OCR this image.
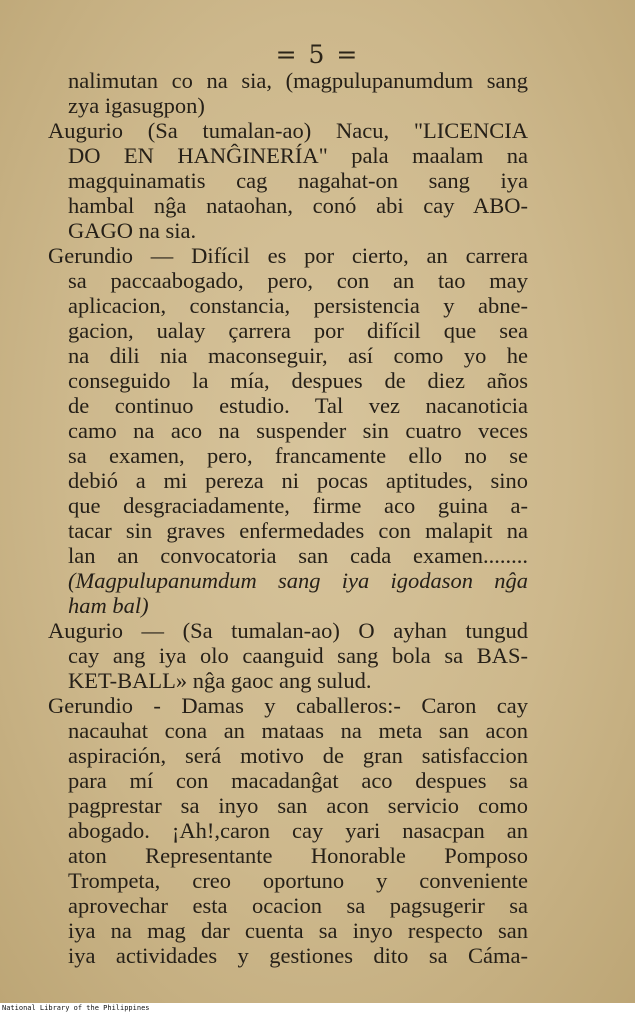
= 5 =
nalimutan co na sia, (magpulupanumdum sang
zya igasugpon)
Augurio (Sa tumalan-ao) Nacu, "LICENCIA
DO EN HANĜINERÍA" pala maalam na
magquinamatis cag nagahat-on sang iya
hambal nĝa nataohan, conó abi cay ABO-
GAGO na sia.
Gerundio — Difícil es por cierto, an carrera
sa paccaabogado, pero, con an tao may
aplicacion, constancia, persistencia y abne-
gacion, ualay çarrera por difícil que sea
na dili nia maconseguir, así como yo he
conseguido la mía, despues de diez años
de continuo estudio. Tal vez nacanoticia
camo na aco na suspender sin cuatro veces
sa examen, pero, francamente ello no se
debió a mi pereza ni pocas aptitudes, sino
que desgraciadamente, firme aco guina a-
tacar sin graves enfermedades con malapit na
lan an convocatoria san cada examen........
(Magpulupanumdum sang iya igodason nĝa
ham bal)
Augurio — (Sa tumalan-ao) O ayhan tungud
cay ang iya olo caanguid sang bola sa BAS-
KET-BALL» nĝa gaoc ang sulud.
Gerundio - Damas y caballeros:- Caron cay
nacauhat cona an mataas na meta san acon
aspiración, será motivo de gran satisfaccion
para mí con macadanĝat aco despues sa
pagprestar sa inyo san acon servicio como
abogado. ¡Ah!,caron cay yari nasacpan an
aton Representante Honorable Pomposo
Trompeta, creo oportuno y conveniente
aprovechar esta ocacion sa pagsugerir sa
iya na mag dar cuenta sa inyo respecto san
iya actividades y gestiones dito sa Cáma-
National Library of the Philippines
